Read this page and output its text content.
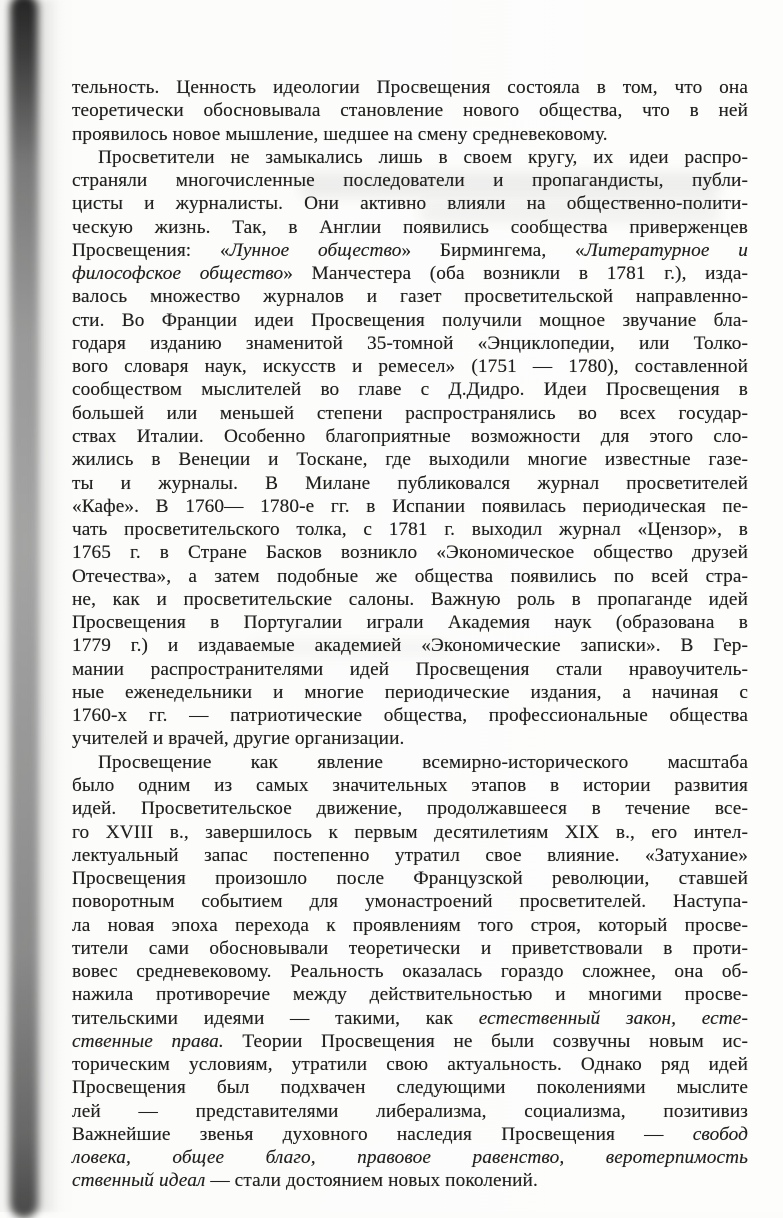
тельность. Ценность идеологии Просвещения состояла в том, что она
теоретически обосновывала становление нового общества, что в ней
проявилось новое мышление, шедшее на смену средневековому.
Просветители не замыкались лишь в своем кругу, их идеи распро-
страняли многочисленные последователи и пропагандисты, публи-
цисты и журналисты. Они активно влияли на общественно-полити-
ческую жизнь. Так, в Англии появились сообщества приверженцев
Просвещения: «Лунное общество» Бирмингема, «Литературное и
философское общество» Манчестера (оба возникли в 1781 г.), изда-
валось множество журналов и газет просветительской направленно-
сти. Во Франции идеи Просвещения получили мощное звучание бла-
годаря изданию знаменитой 35-томной «Энциклопедии, или Толко-
вого словаря наук, искусств и ремесел» (1751 — 1780), составленной
сообществом мыслителей во главе с Д.Дидро. Идеи Просвещения в
большей или меньшей степени распространялись во всех государ-
ствах Италии. Особенно благоприятные возможности для этого сло-
жились в Венеции и Тоскане, где выходили многие известные газе-
ты и журналы. В Милане публиковался журнал просветителей
«Кафе». В 1760— 1780-е гг. в Испании появилась периодическая пе-
чать просветительского толка, с 1781 г. выходил журнал «Цензор», в
1765 г. в Стране Басков возникло «Экономическое общество друзей
Отечества», а затем подобные же общества появились по всей стра-
не, как и просветительские салоны. Важную роль в пропаганде идей
Просвещения в Португалии играли Академия наук (образована в
1779 г.) и издаваемые академией «Экономические записки». В Гер-
мании распространителями идей Просвещения стали нравоучитель-
ные еженедельники и многие периодические издания, а начиная с
1760-х гг. — патриотические общества, профессиональные общества
учителей и врачей, другие организации.
Просвещение как явление всемирно-исторического масштаба
было одним из самых значительных этапов в истории развития
идей. Просветительское движение, продолжавшееся в течение все-
го XVIII в., завершилось к первым десятилетиям XIX в., его интел-
лектуальный запас постепенно утратил свое влияние. «Затухание»
Просвещения произошло после Французской революции, ставшей
поворотным событием для умонастроений просветителей. Наступа-
ла новая эпоха перехода к проявлениям того строя, который просве-
тители сами обосновывали теоретически и приветствовали в проти-
вовес средневековому. Реальность оказалась гораздо сложнее, она об-
нажила противоречие между действительностью и многими просве-
тительскими идеями — такими, как естественный закон, есте-
ственные права. Теории Просвещения не были созвучны новым ис-
торическим условиям, утратили свою актуальность. Однако ряд идей
Просвещения был подхвачен следующими поколениями мыслите
лей — представителями либерализма, социализма, позитивиз
Важнейшие звенья духовного наследия Просвещения — свобод
ловека, общее благо, правовое равенство, веротерпимость
ственный идеал — стали достоянием новых поколений.
